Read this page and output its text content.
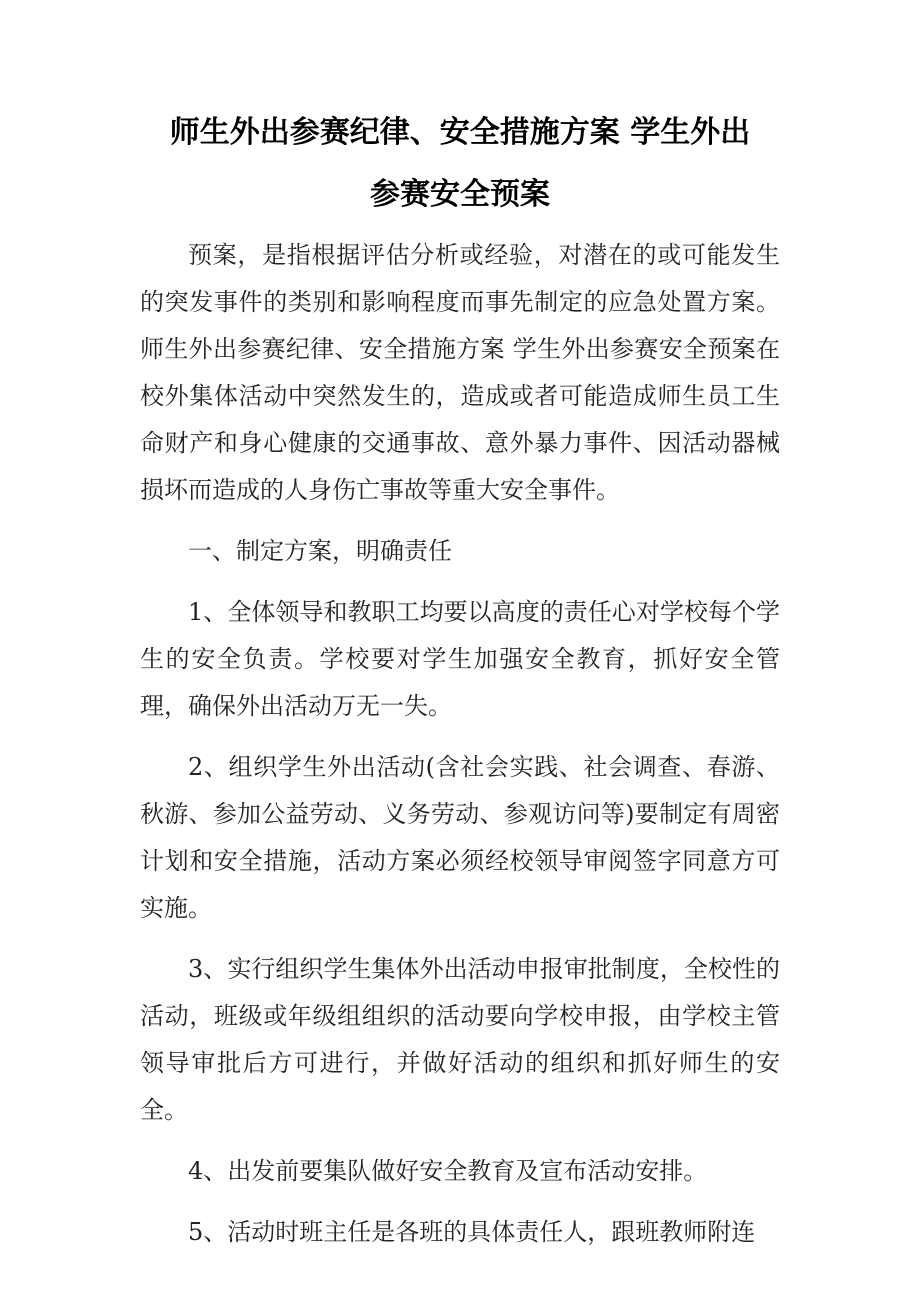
师生外出参赛纪律、安全措施方案 学生外出
参赛安全预案

预案，是指根据评估分析或经验，对潜在的或可能发生的突发事件的类别和影响程度而事先制定的应急处置方案。师生外出参赛纪律、安全措施方案 学生外出参赛安全预案在校外集体活动中突然发生的，造成或者可能造成师生员工生命财产和身心健康的交通事故、意外暴力事件、因活动器械损坏而造成的人身伤亡事故等重大安全事件。

一、制定方案，明确责任

1、全体领导和教职工均要以高度的责任心对学校每个学生的安全负责。学校要对学生加强安全教育，抓好安全管理，确保外出活动万无一失。

2、组织学生外出活动(含社会实践、社会调查、春游、秋游、参加公益劳动、义务劳动、参观访问等)要制定有周密计划和安全措施，活动方案必须经校领导审阅签字同意方可实施。

3、实行组织学生集体外出活动申报审批制度，全校性的活动，班级或年级组组织的活动要向学校申报，由学校主管领导审批后方可进行，并做好活动的组织和抓好师生的安全。

4、出发前要集队做好安全教育及宣布活动安排。

5、活动时班主任是各班的具体责任人，跟班教师附连
